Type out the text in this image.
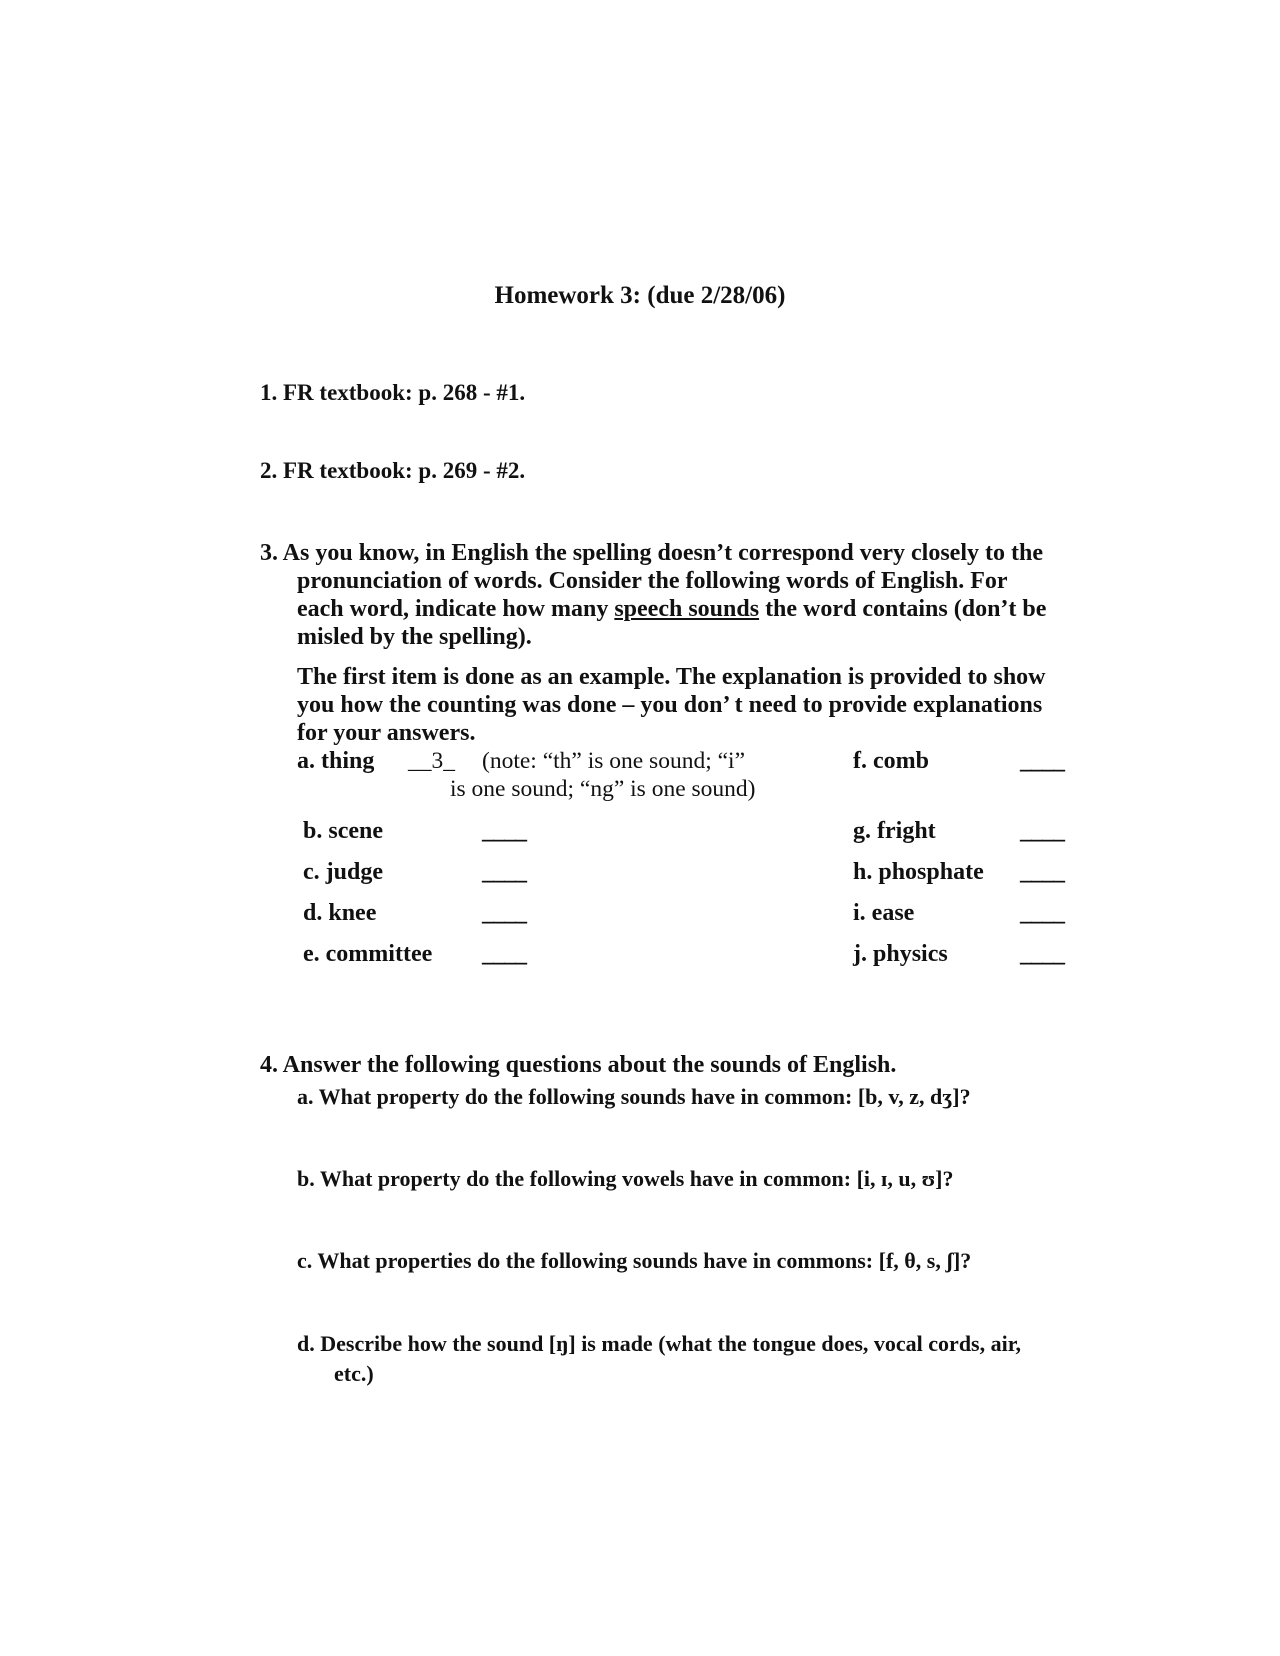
Homework 3: (due 2/28/06)
1. FR textbook: p. 268 - #1.
2. FR textbook: p. 269 - #2.
3. As you know, in English the spelling doesn’t correspond very closely to the
pronunciation of words. Consider the following words of English. For
each word, indicate how many speech sounds the word contains (don’t be
misled by the spelling).
The first item is done as an example. The explanation is provided to show
you how the counting was done – you don’ t need to provide explanations
for your answers.
a. thing __3_ (note: “th” is one sound; “i”
is one sound; “ng” is one sound)
b. scene	____
c. judge	____
d. knee	____
e. committee ____
f. comb	____
g. fright	____
h. phosphate ____
i. ease	____
j. physics	____
4. Answer the following questions about the sounds of English.
a. What property do the following sounds have in common: [b, v, z, dʒ]?
b. What property do the following vowels have in common: [i, ɪ, u, ʊ]?
c. What properties do the following sounds have in commons: [f, θ, s, ʃ]?
d. Describe how the sound [ŋ] is made (what the tongue does, vocal cords, air,
etc.)
